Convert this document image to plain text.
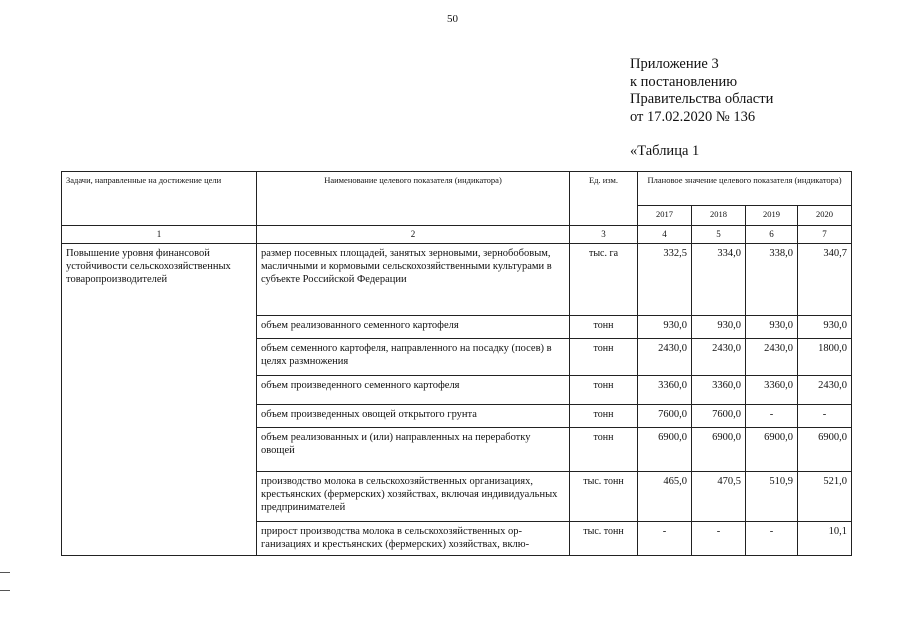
50
Приложение 3
к постановлению
Правительства области
от 17.02.2020 № 136
«Таблица 1
Задачи, направленные на достижение цели	Наименование целевого показателя (индикатора)	Ед. изм.	Плановое значение целевого показателя (индикатора)			
			2017	2018	2019	2020
1	2	3	4	5	6	7
Повышение уровня финансовой устойчивости сельскохозяйственных товаропроизводителей	размер посевных площадей, занятых зерновыми, зернобобовым, масличными и кормовыми сельскохозяйственными культурами в субъекте Российской Федерации	тыс. га	332,5	334,0	338,0	340,7
	объем реализованного семенного картофеля	тонн	930,0	930,0	930,0	930,0
	объем семенного картофеля, направленного на посадку (посев) в целях размножения	тонн	2430,0	2430,0	2430,0	1800,0
	объем произведенного семенного картофеля	тонн	3360,0	3360,0	3360,0	2430,0
	объем произведенных овощей открытого грунта	тонн	7600,0	7600,0	-	-
	объем реализованных и (или) направленных на переработку овощей	тонн	6900,0	6900,0	6900,0	6900,0
	производство молока в сельскохозяйственных организациях, крестьянских (фермерских) хозяйствах, включая индивидуальных предпринимателей	тыс. тонн	465,0	470,5	510,9	521,0
	прирост производства молока в сельскохозяйственных ор-ганизациях и крестьянских (фермерских) хозяйствах, вклю-	тыс. тонн	-	-	-	10,1
